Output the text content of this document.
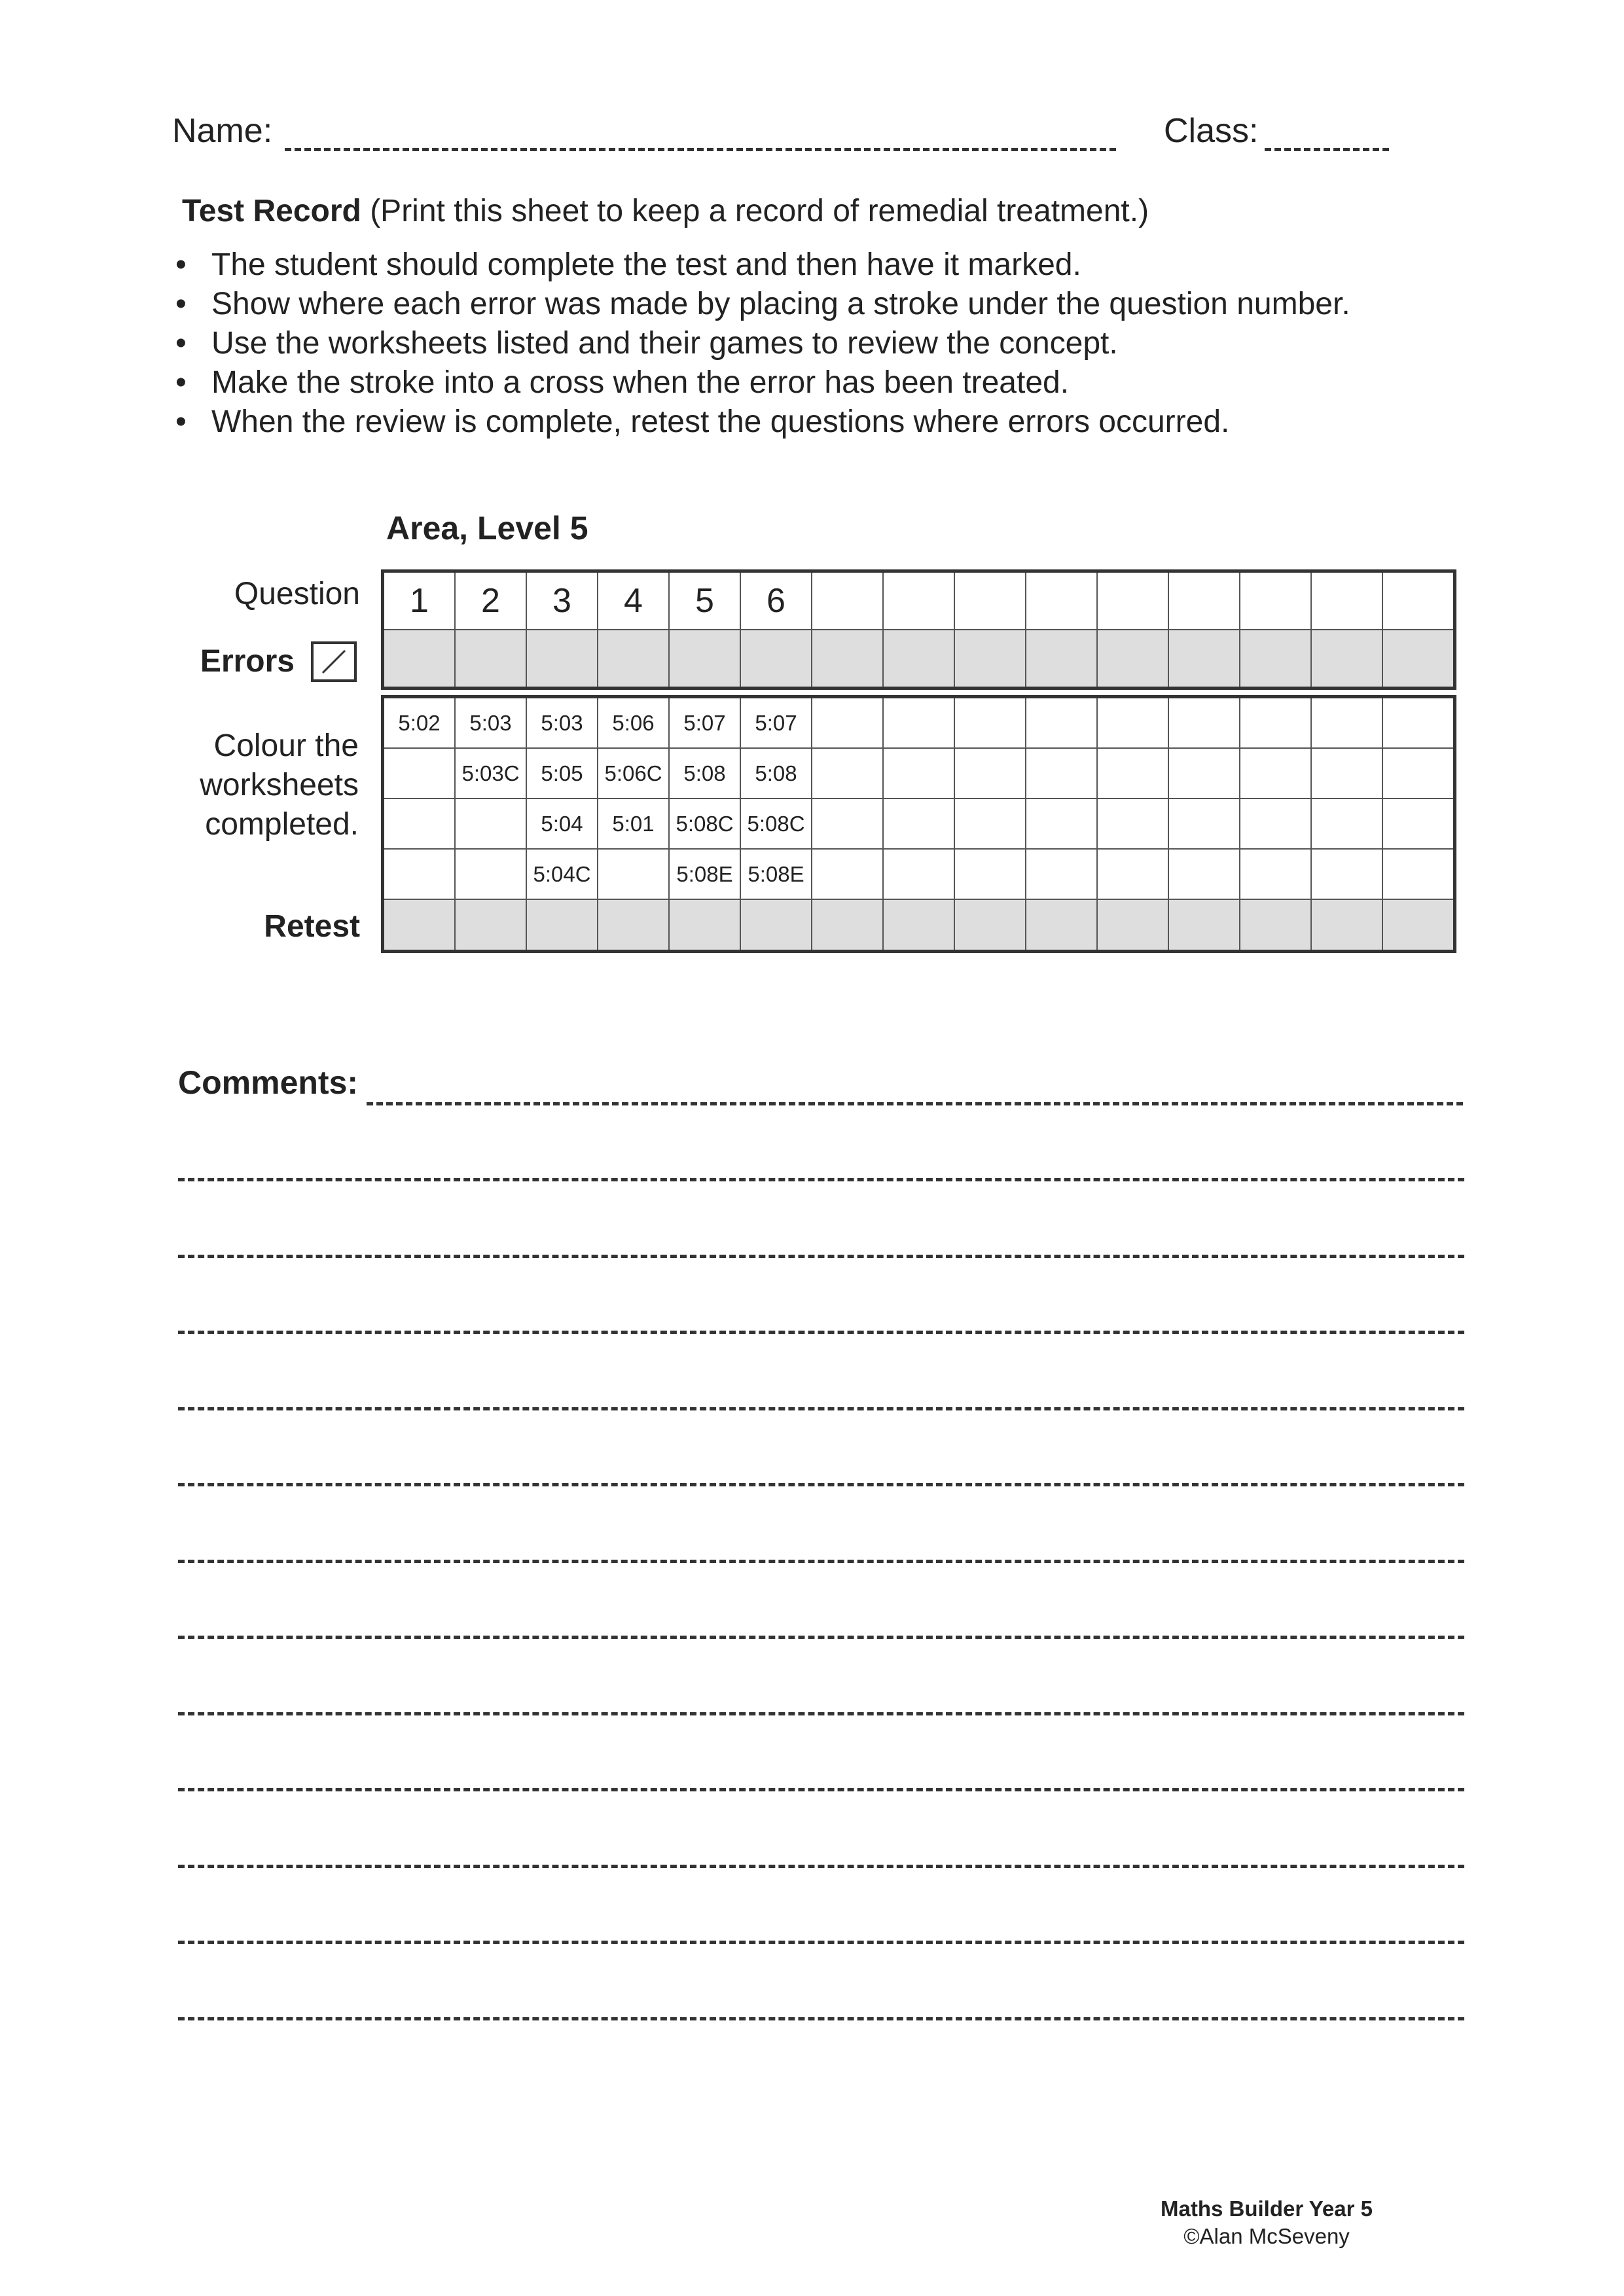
Name:	Class:
Test Record (Print this sheet to keep a record of remedial treatment.)
• The student should complete the test and then have it marked.
• Show where each error was made by placing a stroke under the question number.
• Use the worksheets listed and their games to review the concept.
• Make the stroke into a cross when the error has been treated.
• When the review is complete, retest the questions where errors occurred.
Area, Level 5
Question
Errors
Colour the
worksheets
completed.
Retest
1	2	3	4	5	6									

5:02	5:03	5:03	5:06	5:07	5:07									
	5:03C	5:05	5:06C	5:08	5:08									
		5:04	5:01	5:08C	5:08C									
		5:04C		5:08E	5:08E									

Comments:
Maths Builder Year 5
©Alan McSeveny
